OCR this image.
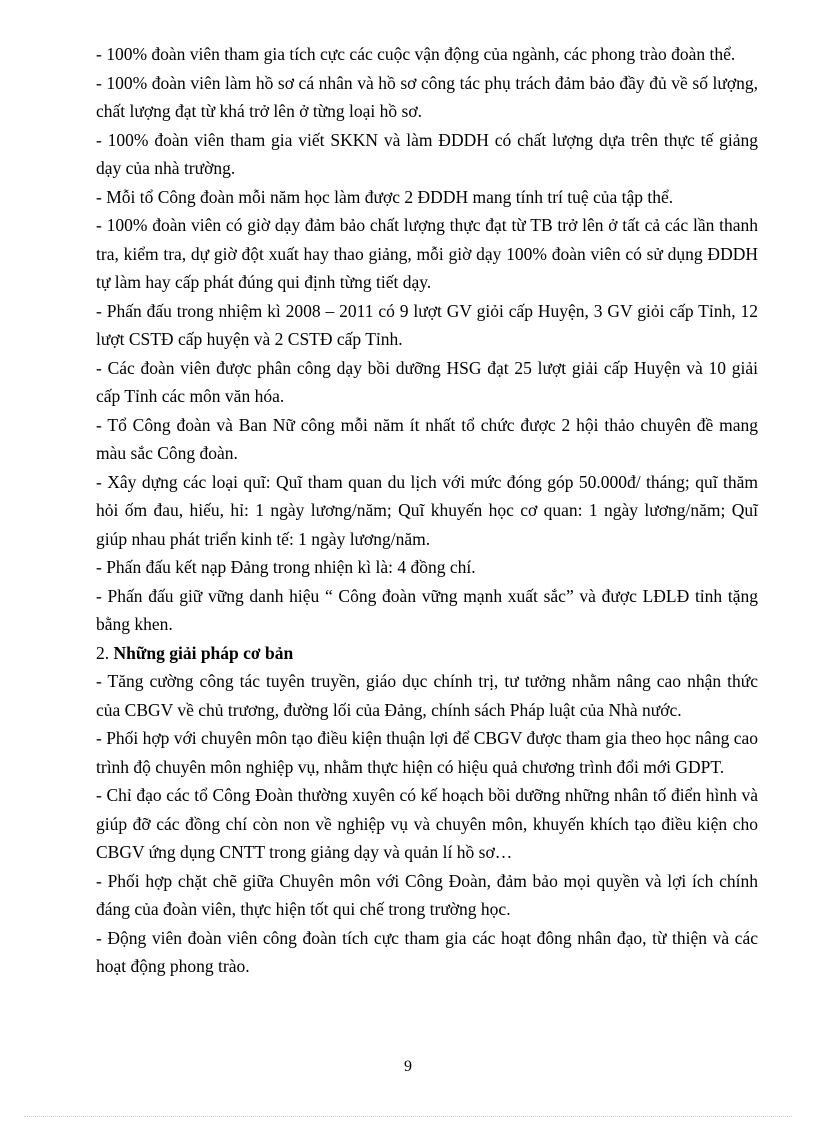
- 100% đoàn viên tham gia tích cực các cuộc vận động của ngành, các phong trào đoàn thể.

- 100% đoàn viên làm hồ sơ cá nhân và hồ sơ công tác phụ trách đảm bảo đầy đủ về số lượng, chất lượng đạt từ khá trở lên ở từng loại hồ sơ.

- 100% đoàn viên tham gia viết SKKN và làm ĐDDH có chất lượng dựa trên thực tế giảng dạy của nhà trường.

- Mỗi tổ Công đoàn mỗi năm học làm được 2 ĐDDH mang tính trí tuệ của tập thể.

- 100% đoàn viên có giờ dạy đảm bảo chất lượng thực đạt từ TB trở lên ở tất cả các lần thanh tra, kiểm tra, dự giờ đột xuất hay thao giảng, mỗi giờ dạy 100% đoàn viên có sử dụng ĐDDH tự làm hay cấp phát đúng qui định từng tiết dạy.

- Phấn đấu trong nhiệm kì 2008 – 2011 có 9 lượt GV giỏi cấp Huyện, 3 GV giỏi cấp Tỉnh, 12 lượt CSTĐ cấp huyện và 2 CSTĐ cấp Tỉnh.

- Các đoàn viên được phân công dạy bồi dưỡng HSG đạt 25 lượt giải cấp Huyện và 10 giải cấp Tỉnh các môn văn hóa.

- Tổ Công đoàn và Ban Nữ công mỗi năm ít nhất tổ chức được 2 hội thảo chuyên đề mang màu sắc Công đoàn.

- Xây dựng các loại quĩ: Quĩ tham quan du lịch với mức đóng góp 50.000đ/ tháng; quĩ thăm hỏi ốm đau, hiếu, hỉ: 1 ngày lương/năm; Quĩ khuyến học cơ quan: 1 ngày lương/năm; Quĩ giúp nhau phát triển kinh tế: 1 ngày lương/năm.

- Phấn đấu kết nạp Đảng trong nhiện kì là: 4 đồng chí.

- Phấn đấu giữ vững danh hiệu “ Công đoàn vững mạnh xuất sắc” và được LĐLĐ tỉnh tặng bằng khen.

2. Những giải pháp cơ bản

- Tăng cường công tác tuyên truyền, giáo dục chính trị, tư tưởng nhằm nâng cao nhận thức của CBGV về chủ trương, đường lối của Đảng, chính sách Pháp luật của Nhà nước.

- Phối hợp với chuyên môn tạo điều kiện thuận lợi để CBGV được tham gia theo học nâng cao trình độ chuyên môn nghiệp vụ, nhằm thực hiện có hiệu quả chương trình đổi mới GDPT.

- Chỉ đạo các tổ Công Đoàn thường xuyên có kế hoạch bồi dưỡng những nhân tố điển hình và giúp đỡ các đồng chí còn non về nghiệp vụ và chuyên môn, khuyến khích tạo điều kiện cho CBGV ứng dụng CNTT trong giảng dạy và quản lí hồ sơ…

- Phối hợp chặt chẽ giữa Chuyên môn với Công Đoàn, đảm bảo mọi quyền và lợi ích chính đáng của đoàn viên, thực hiện tốt qui chế trong trường học.

- Động viên đoàn viên công đoàn tích cực tham gia các hoạt đông nhân đạo, từ thiện và các hoạt động phong trào.

9
